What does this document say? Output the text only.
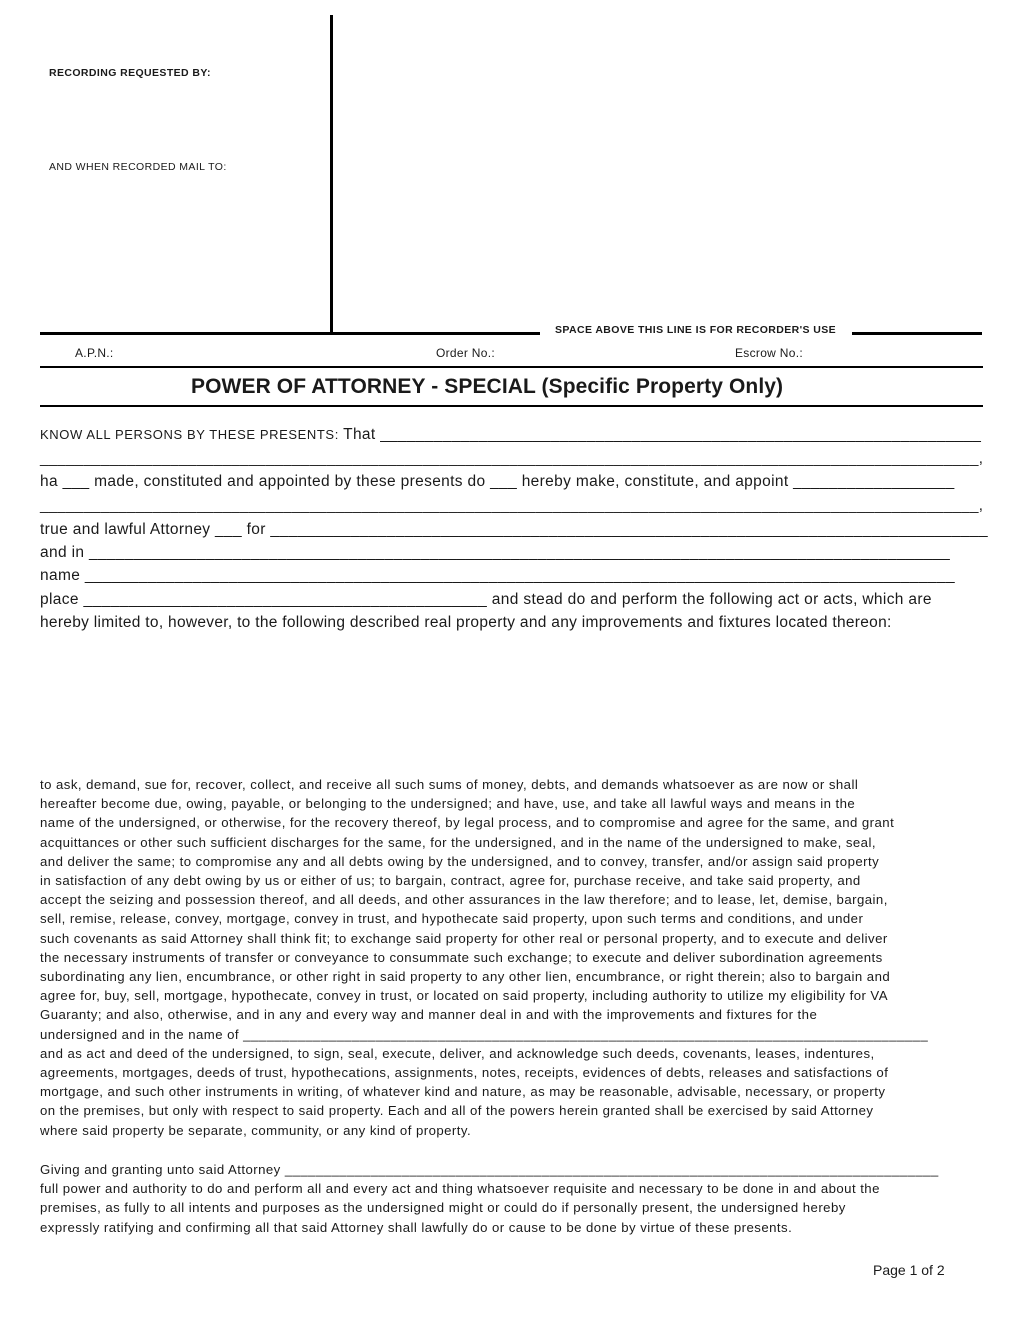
RECORDING REQUESTED BY:
AND WHEN RECORDED MAIL TO:
SPACE ABOVE THIS LINE IS FOR RECORDER'S USE
A.P.N.:	Order No.:	Escrow No.:
POWER OF ATTORNEY - SPECIAL (Specific Property Only)
KNOW ALL PERSONS BY THESE PRESENTS: That ___________________________________________________________________
____________________________________________________________________________________________________________,
ha ___ made, constituted and appointed by these presents do ___ hereby make, constitute, and appoint __________________
____________________________________________________________________________________________________________,
true and lawful Attorney ___ for ________________________________________________________________________________
and in ________________________________________________________________________________________________
name _________________________________________________________________________________________________
place _____________________________________________ and stead do and perform the following act or acts, which are
hereby limited to, however, to the following described real property and any improvements and fixtures located thereon:
to ask, demand, sue for, recover, collect, and receive all such sums of money, debts, and demands whatsoever as are now or shall
hereafter become due, owing, payable, or belonging to the undersigned; and have, use, and take all lawful ways and means in the
name of the undersigned, or otherwise, for the recovery thereof, by legal process, and to compromise and agree for the same, and grant
acquittances or other such sufficient discharges for the same, for the undersigned, and in the name of the undersigned to make, seal,
and deliver the same; to compromise any and all debts owing by the undersigned, and to convey, transfer, and/or assign said property
in satisfaction of any debt owing by us or either of us; to bargain, contract, agree for, purchase receive, and take said property, and
accept the seizing and possession thereof, and all deeds, and other assurances in the law therefore; and to lease, let, demise, bargain,
sell, remise, release, convey, mortgage, convey in trust, and hypothecate said property, upon such terms and conditions, and under
such covenants as said Attorney shall think fit; to exchange said property for other real or personal property, and to execute and deliver
the necessary instruments of transfer or conveyance to consummate such exchange; to execute and deliver subordination agreements
subordinating any lien, encumbrance, or other right in said property to any other lien, encumbrance, or right therein; also to bargain and
agree for, buy, sell, mortgage, hypothecate, convey in trust, or located on said property, including authority to utilize my eligibility for VA
Guaranty; and also, otherwise, and in any and every way and manner deal in and with the improvements and fixtures for the
undersigned and in the name of ________________________________________________________________________________________
and as act and deed of the undersigned, to sign, seal, execute, deliver, and acknowledge such deeds, covenants, leases, indentures,
agreements, mortgages, deeds of trust, hypothecations, assignments, notes, receipts, evidences of debts, releases and satisfactions of
mortgage, and such other instruments in writing, of whatever kind and nature, as may be reasonable, advisable, necessary, or property
on the premises, but only with respect to said property. Each and all of the powers herein granted shall be exercised by said Attorney
where said property be separate, community, or any kind of property.
Giving and granting unto said Attorney ____________________________________________________________________________________
full power and authority to do and perform all and every act and thing whatsoever requisite and necessary to be done in and about the
premises, as fully to all intents and purposes as the undersigned might or could do if personally present, the undersigned hereby
expressly ratifying and confirming all that said Attorney shall lawfully do or cause to be done by virtue of these presents.
Page 1 of 2
